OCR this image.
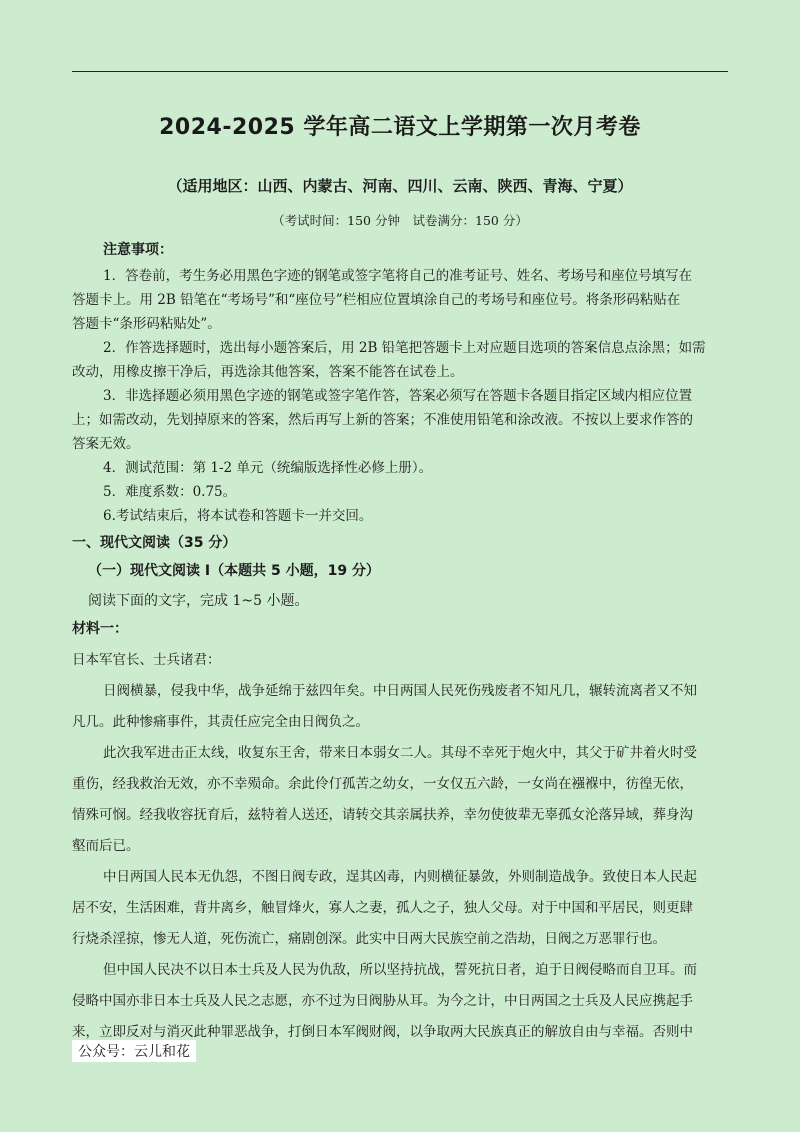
2024-2025 学年高二语文上学期第一次月考卷
（适用地区：山西、内蒙古、河南、四川、云南、陕西、青海、宁夏）
（考试时间：150 分钟　试卷满分：150 分）
注意事项：
1．答卷前，考生务必用黑色字迹的钢笔或签字笔将自己的准考证号、姓名、考场号和座位号填写在
答题卡上。用 2B 铅笔在“考场号”和“座位号”栏相应位置填涂自己的考场号和座位号。将条形码粘贴在
答题卡“条形码粘贴处”。
2．作答选择题时，选出每小题答案后，用 2B 铅笔把答题卡上对应题目选项的答案信息点涂黑；如需
改动，用橡皮擦干净后，再选涂其他答案，答案不能答在试卷上。
3．非选择题必须用黑色字迹的钢笔或签字笔作答，答案必须写在答题卡各题目指定区域内相应位置
上；如需改动，先划掉原来的答案，然后再写上新的答案；不准使用铅笔和涂改液。不按以上要求作答的
答案无效。
4．测试范围：第 1-2 单元（统编版选择性必修上册）。
5．难度系数：0.75。
6.考试结束后，将本试卷和答题卡一并交回。
一、现代文阅读（35 分）
（一）现代文阅读 I（本题共 5 小题，19 分）
阅读下面的文字，完成 1~5 小题。
材料一：
日本军官长、士兵诸君：
日阀横暴，侵我中华，战争延绵于兹四年矣。中日两国人民死伤残废者不知凡几，辗转流离者又不知
凡几。此种惨痛事件，其责任应完全由日阀负之。
此次我军进击正太线，收复东王舍，带来日本弱女二人。其母不幸死于炮火中，其父于矿井着火时受
重伤，经我救治无效，亦不幸殒命。余此伶仃孤苦之幼女，一女仅五六龄，一女尚在襁褓中，彷徨无依，
情殊可悯。经我收容抚育后，兹特着人送还，请转交其亲属扶养，幸勿使彼辈无辜孤女沦落异域，葬身沟
壑而后已。
中日两国人民本无仇怨，不图日阀专政，逞其凶毒，内则横征暴敛，外则制造战争。致使日本人民起
居不安，生活困难，背井离乡，触冒烽火，寡人之妻，孤人之子，独人父母。对于中国和平居民，则更肆
行烧杀淫掠，惨无人道，死伤流亡，痛剧创深。此实中日两大民族空前之浩劫，日阀之万恶罪行也。
但中国人民决不以日本士兵及人民为仇敌，所以坚持抗战，誓死抗日者，迫于日阀侵略而自卫耳。而
侵略中国亦非日本士兵及人民之志愿，亦不过为日阀胁从耳。为今之计，中日两国之士兵及人民应携起手
来，立即反对与消灭此种罪恶战争，打倒日本军阀财阀，以争取两大民族真正的解放自由与幸福。否则中
公众号：云儿和花
